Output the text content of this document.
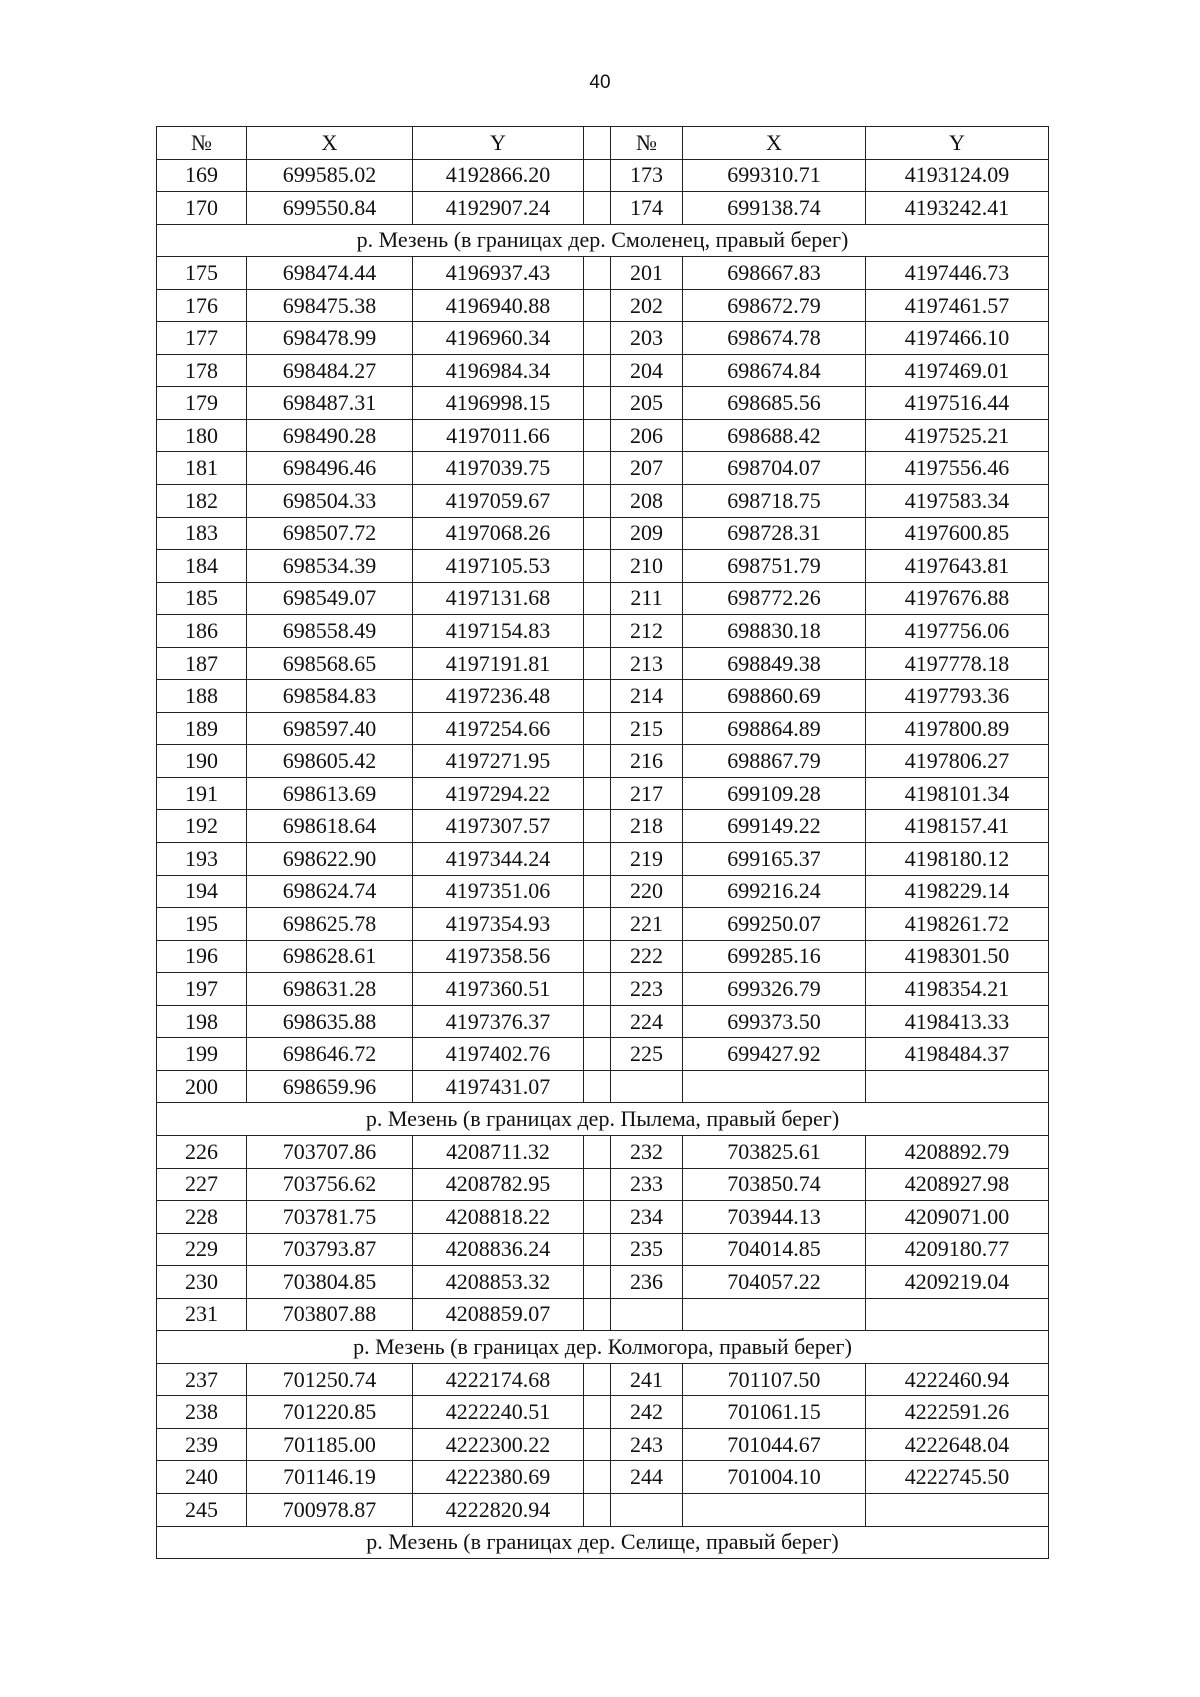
40
№	X	Y		№	X	Y
169	699585.02	4192866.20		173	699310.71	4193124.09
170	699550.84	4192907.24		174	699138.74	4193242.41
р. Мезень (в границах дер. Смоленец, правый берег)						
175	698474.44	4196937.43		201	698667.83	4197446.73
176	698475.38	4196940.88		202	698672.79	4197461.57
177	698478.99	4196960.34		203	698674.78	4197466.10
178	698484.27	4196984.34		204	698674.84	4197469.01
179	698487.31	4196998.15		205	698685.56	4197516.44
180	698490.28	4197011.66		206	698688.42	4197525.21
181	698496.46	4197039.75		207	698704.07	4197556.46
182	698504.33	4197059.67		208	698718.75	4197583.34
183	698507.72	4197068.26		209	698728.31	4197600.85
184	698534.39	4197105.53		210	698751.79	4197643.81
185	698549.07	4197131.68		211	698772.26	4197676.88
186	698558.49	4197154.83		212	698830.18	4197756.06
187	698568.65	4197191.81		213	698849.38	4197778.18
188	698584.83	4197236.48		214	698860.69	4197793.36
189	698597.40	4197254.66		215	698864.89	4197800.89
190	698605.42	4197271.95		216	698867.79	4197806.27
191	698613.69	4197294.22		217	699109.28	4198101.34
192	698618.64	4197307.57		218	699149.22	4198157.41
193	698622.90	4197344.24		219	699165.37	4198180.12
194	698624.74	4197351.06		220	699216.24	4198229.14
195	698625.78	4197354.93		221	699250.07	4198261.72
196	698628.61	4197358.56		222	699285.16	4198301.50
197	698631.28	4197360.51		223	699326.79	4198354.21
198	698635.88	4197376.37		224	699373.50	4198413.33
199	698646.72	4197402.76		225	699427.92	4198484.37
200	698659.96	4197431.07				
р. Мезень (в границах дер. Пылема, правый берег)						
226	703707.86	4208711.32		232	703825.61	4208892.79
227	703756.62	4208782.95		233	703850.74	4208927.98
228	703781.75	4208818.22		234	703944.13	4209071.00
229	703793.87	4208836.24		235	704014.85	4209180.77
230	703804.85	4208853.32		236	704057.22	4209219.04
231	703807.88	4208859.07				
р. Мезень (в границах дер. Колмогора, правый берег)						
237	701250.74	4222174.68		241	701107.50	4222460.94
238	701220.85	4222240.51		242	701061.15	4222591.26
239	701185.00	4222300.22		243	701044.67	4222648.04
240	701146.19	4222380.69		244	701004.10	4222745.50
245	700978.87	4222820.94				
р. Мезень (в границах дер. Селище, правый берег)						
